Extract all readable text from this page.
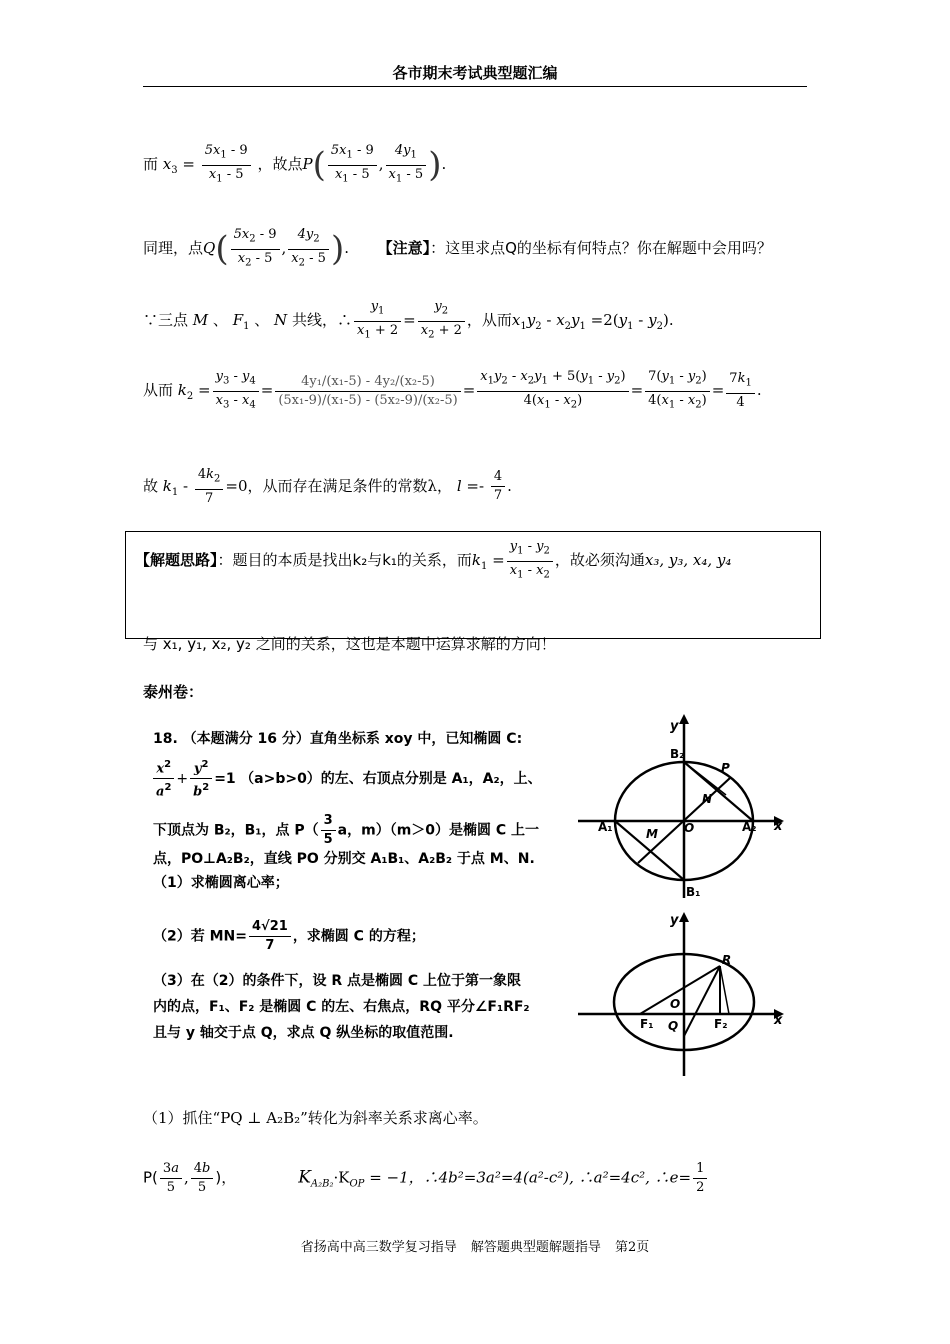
各市期末考试典型题汇编
而 $x_3 = \frac{5x_1 - 9}{x_1 - 5}$ ，故点$P( \frac{5x_1 - 9}{x_1 - 5}$ , $\frac{4y_1}{x_1 - 5}$ ).
同理，点$Q( \frac{5x_2 - 9}{x_2 - 5}$ , $\frac{4y_2}{x_2 - 5}$ ). 【注意】：这里求点Q的坐标有何特点？你在解题中会用吗？
∵三点 M 、 $F_1$ 、 N 共线，∴ $\frac{y_1}{x_1 + 2} = \frac{y_2}{x_2 + 2}$ ，从而$x_1y_2 - x_2y_1 =2(y_1 - y_2)$.
从而 $k_2 = \frac{y_3 - y_4}{x_3 - x_4} = \frac{\text{4y₁/(x₁-5) - 4y₂/(x₂-5)}}{\text{(5x₁-9)/(x₁-5) - (5x₂-9)/(x₂-5)}} = \frac{x_1y_2 - x_2y_1 + 5(y_1 - y_2)}{4(x_1 - x_2)} = \frac{7(y_1 - y_2)}{4(x_1 - x_2)} = \frac{7k_1}{4}$ .
故 $k_1 - \frac{4k_2}{7} =0$，从而存在满足条件的常数λ， $l =- \frac{4}{7}$ .
【解题思路】：题目的本质是找出k₂与k₁的关系，而$k_1 = \frac{y_1 - y_2}{x_1 - x_2}$ ，故必须沟通x₃, y₃, x₄, y₄
与 x₁, y₁, x₂, y₂ 之间的关系，这也是本题中运算求解的方向！
泰州卷：
18. （本题满分 16 分）直角坐标系 xoy 中，已知椭圆 C:
$\frac{x^2}{a^2} + \frac{y^2}{b^2} =1$ （a>b>0）的左、右顶点分别是 A₁，A₂，上、
下顶点为 B₂，B₁，点 $P( \frac{3}{5}$ a，m）（m＞0）是椭圆 C 上一
点，PO⊥A₂B₂，直线 PO 分别交 A₁B₁、A₂B₂ 于点 M、N.
（1）求椭圆离心率；
（2）若 $MN= \frac{4√21}{7}$ ，求椭圆 C 的方程；
（3）在（2）的条件下，设 R 点是椭圆 C 上位于第一象限
内的点，F₁、F₂ 是椭圆 C 的左、右焦点，RQ 平分∠F₁RF₂
且与 y 轴交于点 Q，求点 Q 纵坐标的取值范围.
y
x
B₂
B₁
A₁	A₂
O
P
M
N
y
x
R
O
Q
F₁	F₂
（1）抓住“PQ ⊥ A₂B₂”转化为斜率关系求离心率。
$P( \frac{3a}{5}$ , $\frac{4b}{5}$ )，	$K_{A_2B_2}\cdot K_{OP} = -1$，∴4b²=3a²=4(a²-c²), ∴a²=4c², ∴e= $\frac{1}{2}$
省扬高中高三数学复习指导 解答题典型题解题指导 第2页
